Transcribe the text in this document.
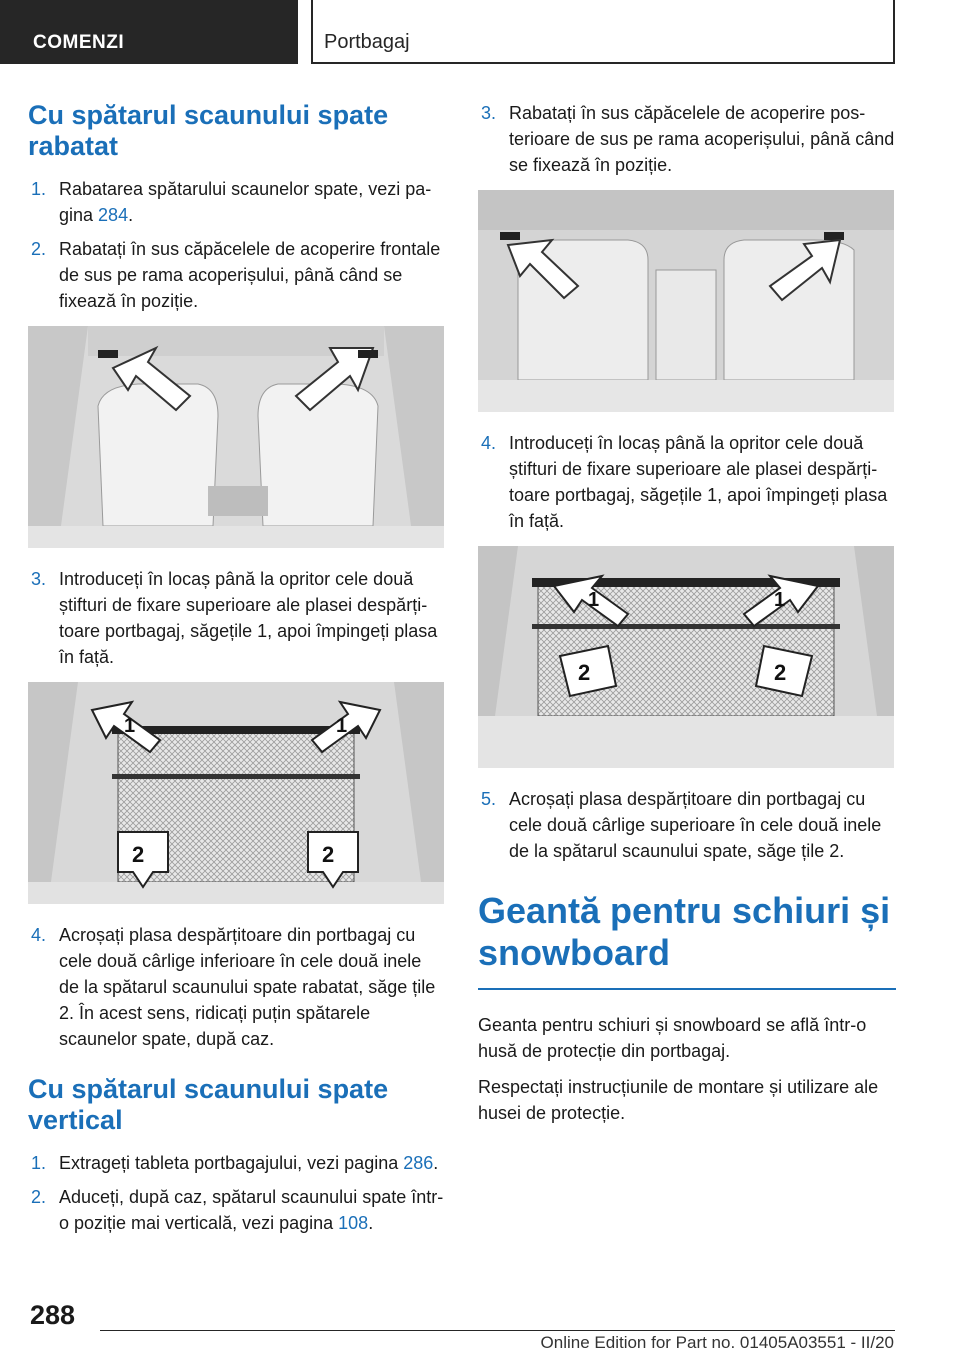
COMENZI	Portbagaj
Cu spătarul scaunului spate rabatat
1. Rabatarea spătarului scaunelor spate, vezi pagina 284.
2. Rabatați în sus căpăcelele de acoperire frontale de sus pe rama acoperișului, până când se fixează în poziție.
3. Introduceți în locaș până la opritor cele două știfturi de fixare superioare ale plasei despărțitoare portbagaj, săgețile 1, apoi împingeți plasa în față.
1	1
2	2
4. Acroșați plasa despărțitoare din portbagaj cu cele două cârlige inferioare în cele două inele de la spătarul scaunului spate rabatat, săge țile 2. În acest sens, ridicați puțin spătarele scaunelor spate, după caz.
Cu spătarul scaunului spate vertical
1. Extrageți tableta portbagajului, vezi pagina 286.
2. Aduceți, după caz, spătarul scaunului spate într-o poziție mai verticală, vezi pagina 108.
3. Rabatați în sus căpăcelele de acoperire posterioare de sus pe rama acoperișului, până când se fixează în poziție.
4. Introduceți în locaș până la opritor cele două știfturi de fixare superioare ale plasei despărțitoare portbagaj, săgețile 1, apoi împingeți plasa în față.
1	1
2	2
5. Acroșați plasa despărțitoare din portbagaj cu cele două cârlige superioare în cele două inele de la spătarul scaunului spate, săge țile 2.
Geantă pentru schiuri și snowboard
Geanta pentru schiuri și snowboard se află într-o husă de protecție din portbagaj.
Respectați instrucțiunile de montare și utilizare ale husei de protecție.
288
Online Edition for Part no. 01405A03551 - II/20
